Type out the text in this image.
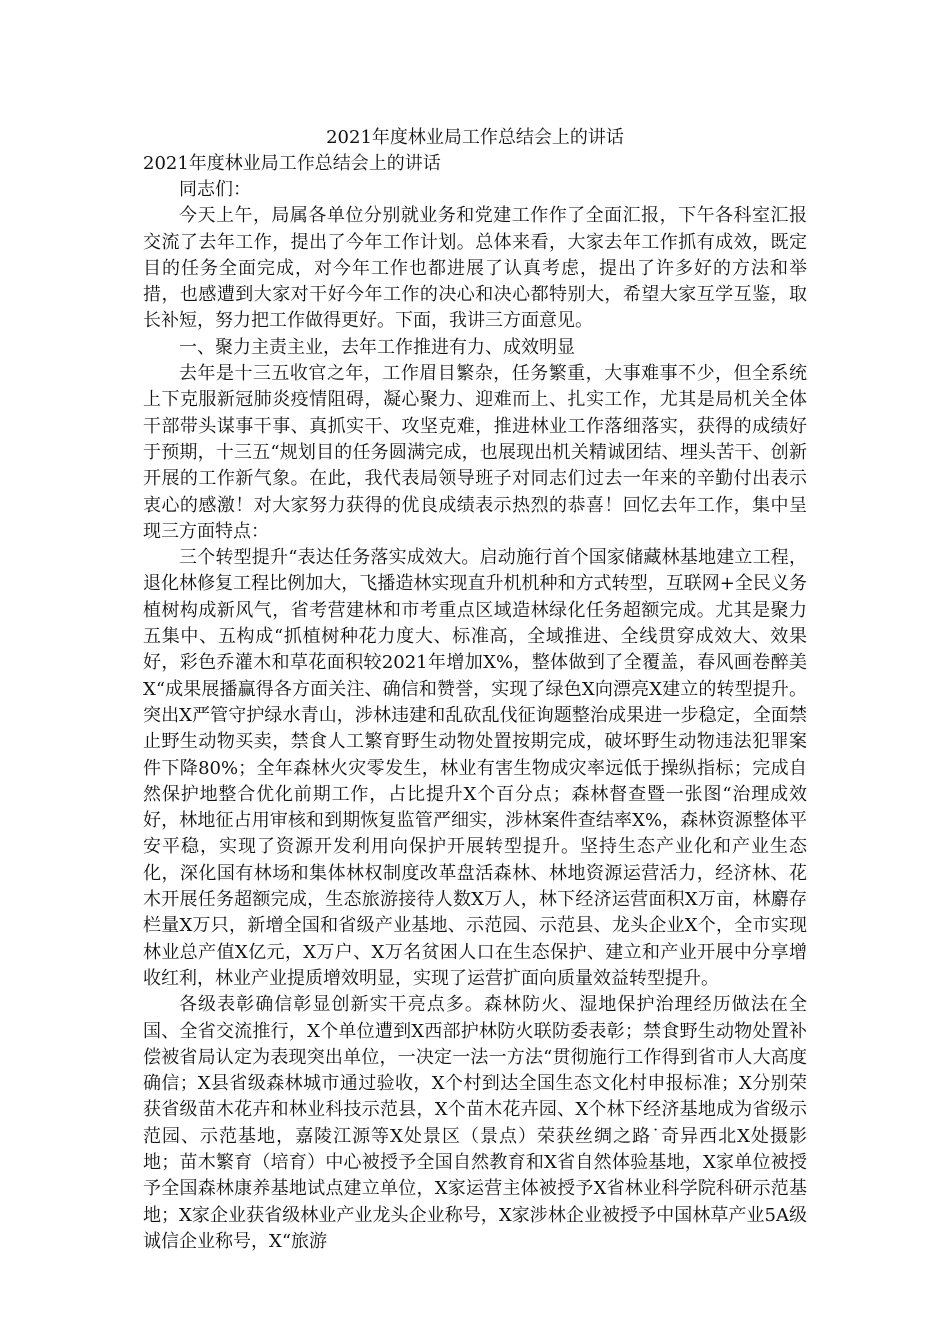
2021年度林业局工作总结会上的讲话

2021年度林业局工作总结会上的讲话

同志们：

今天上午，局属各单位分别就业务和党建工作作了全面汇报，下午各科室汇报交流了去年工作，提出了今年工作计划。总体来看，大家去年工作抓有成效，既定目的任务全面完成，对今年工作也都进展了认真考虑，提出了许多好的方法和举措，也感遭到大家对干好今年工作的决心和决心都特别大，希望大家互学互鉴，取长补短，努力把工作做得更好。下面，我讲三方面意见。

一、聚力主责主业，去年工作推进有力、成效明显

去年是十三五收官之年，工作眉目繁杂，任务繁重，大事难事不少，但全系统上下克服新冠肺炎疫情阻碍，凝心聚力、迎难而上、扎实工作，尤其是局机关全体干部带头谋事干事、真抓实干、攻坚克难，推进林业工作落细落实，获得的成绩好于预期，十三五“规划目的任务圆满完成，也展现出机关精诚团结、埋头苦干、创新开展的工作新气象。在此，我代表局领导班子对同志们过去一年来的辛勤付出表示衷心的感激！对大家努力获得的优良成绩表示热烈的恭喜！回忆去年工作，集中呈现三方面特点：

三个转型提升“表达任务落实成效大。启动施行首个国家储藏林基地建立工程，退化林修复工程比例加大，飞播造林实现直升机机种和方式转型，互联网+全民义务植树构成新风气，省考营建林和市考重点区域造林绿化任务超额完成。尤其是聚力五集中、五构成“抓植树种花力度大、标准高，全域推进、全线贯穿成效大、效果好，彩色乔灌木和草花面积较2021年增加X%，整体做到了全覆盖，春风画卷醉美X“成果展播赢得各方面关注、确信和赞誉，实现了绿色X向漂亮X建立的转型提升。突出X严管守护绿水青山，涉林违建和乱砍乱伐征询题整治成果进一步稳定，全面禁止野生动物买卖，禁食人工繁育野生动物处置按期完成，破坏野生动物违法犯罪案件下降80%；全年森林火灾零发生，林业有害生物成灾率远低于操纵指标；完成自然保护地整合优化前期工作，占比提升X个百分点；森林督查暨一张图“治理成效好，林地征占用审核和到期恢复监管严细实，涉林案件查结率X%，森林资源整体平安平稳，实现了资源开发利用向保护开展转型提升。坚持生态产业化和产业生态化，深化国有林场和集体林权制度改革盘活森林、林地资源运营活力，经济林、花木开展任务超额完成，生态旅游接待人数X万人，林下经济运营面积X万亩，林麝存栏量X万只，新增全国和省级产业基地、示范园、示范县、龙头企业X个，全市实现林业总产值X亿元，X万户、X万名贫困人口在生态保护、建立和产业开展中分享增收红利，林业产业提质增效明显，实现了运营扩面向质量效益转型提升。

各级表彰确信彰显创新实干亮点多。森林防火、湿地保护治理经历做法在全国、全省交流推行，X个单位遭到X西部护林防火联防委表彰；禁食野生动物处置补偿被省局认定为表现突出单位，一决定一法一方法“贯彻施行工作得到省市人大高度确信；X县省级森林城市通过验收，X个村到达全国生态文化村申报标准；X分别荣获省级苗木花卉和林业科技示范县，X个苗木花卉园、X个林下经济基地成为省级示范园、示范基地，嘉陵江源等X处景区（景点）荣获丝绸之路˙奇异西北X处摄影地；苗木繁育（培育）中心被授予全国自然教育和X省自然体验基地，X家单位被授予全国森林康养基地试点建立单位，X家运营主体被授予X省林业科学院科研示范基地；X家企业获省级林业产业龙头企业称号，X家涉林企业被授予中国林草产业5A级诚信企业称号，X“旅游
